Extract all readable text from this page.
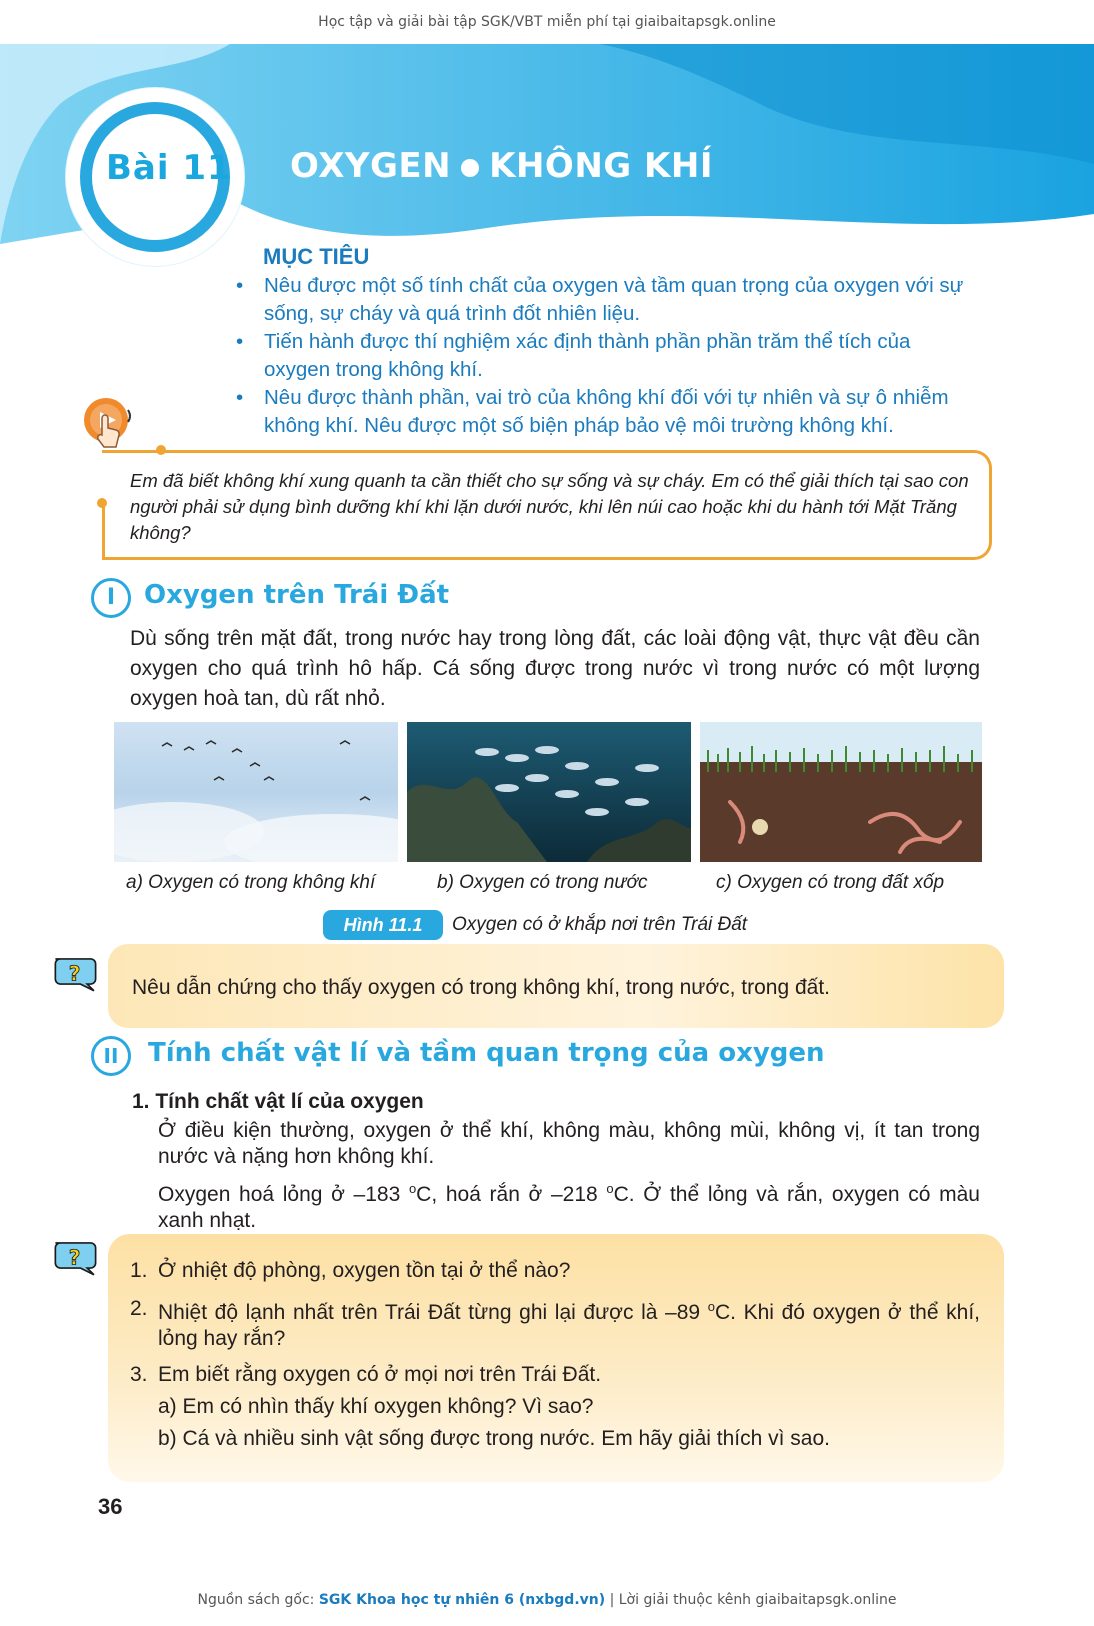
Học tập và giải bài tập SGK/VBT miễn phí tại giaibaitapsgk.online
Bài 11	OXYGEN KHÔNG KHÍ
MỤC TIÊU
• Nêu được một số tính chất của oxygen và tầm quan trọng của oxygen với sự sống, sự cháy và quá trình đốt nhiên liệu.
• Tiến hành được thí nghiệm xác định thành phần phần trăm thể tích của oxygen trong không khí.
• Nêu được thành phần, vai trò của không khí đối với tự nhiên và sự ô nhiễm không khí. Nêu được một số biện pháp bảo vệ môi trường không khí.
Em đã biết không khí xung quanh ta cần thiết cho sự sống và sự cháy. Em có thể giải thích tại sao con người phải sử dụng bình dưỡng khí khi lặn dưới nước, khi lên núi cao hoặc khi du hành tới Mặt Trăng không?
I	Oxygen trên Trái Đất
Dù sống trên mặt đất, trong nước hay trong lòng đất, các loài động vật, thực vật đều cần oxygen cho quá trình hô hấp. Cá sống được trong nước vì trong nước có một lượng oxygen hoà tan, dù rất nhỏ.
a) Oxygen có trong không khí	b) Oxygen có trong nước	c) Oxygen có trong đất xốp
Hình 11.1	Oxygen có ở khắp nơi trên Trái Đất
?
Nêu dẫn chứng cho thấy oxygen có trong không khí, trong nước, trong đất.
II	Tính chất vật lí và tầm quan trọng của oxygen
1. Tính chất vật lí của oxygen
Ở điều kiện thường, oxygen ở thể khí, không màu, không mùi, không vị, ít tan trong nước và nặng hơn không khí.
Oxygen hoá lỏng ở –183 $^o$C, hoá rắn ở –218 $^o$C. Ở thể lỏng và rắn, oxygen có màu xanh nhạt.
?
1. Ở nhiệt độ phòng, oxygen tồn tại ở thể nào?
2. Nhiệt độ lạnh nhất trên Trái Đất từng ghi lại được là –89 $^o$C. Khi đó oxygen ở thể khí, lỏng hay rắn?
3. Em biết rằng oxygen có ở mọi nơi trên Trái Đất.
a) Em có nhìn thấy khí oxygen không? Vì sao?
b) Cá và nhiều sinh vật sống được trong nước. Em hãy giải thích vì sao.
36
Nguồn sách gốc: SGK Khoa học tự nhiên 6 (nxbgd.vn) | Lời giải thuộc kênh giaibaitapsgk.online
